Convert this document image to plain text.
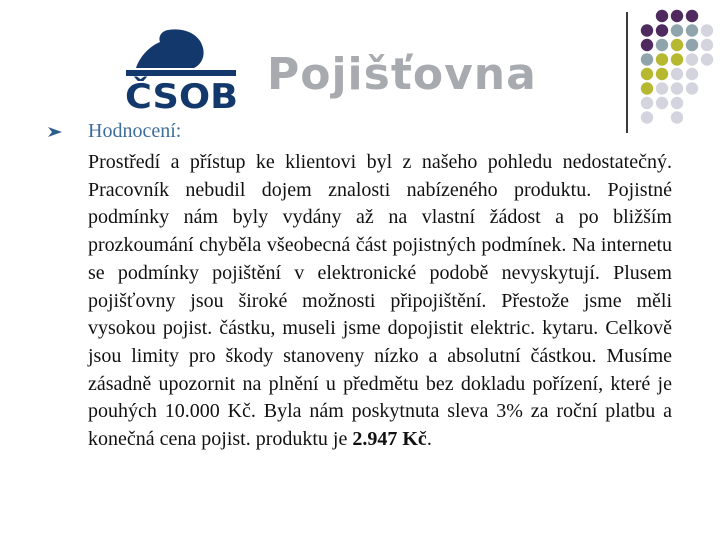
ČSOB Pojišťovna
Hodnocení:

Prostředí a přístup ke klientovi byl z našeho pohledu nedostatečný. Pracovník nebudil dojem znalosti nabízeného produktu. Pojistné podmínky nám byly vydány až na vlastní žádost a po bližším prozkoumání chyběla všeobecná část pojistných podmínek. Na internetu se podmínky pojištění v elektronické podobě nevyskytují. Plusem pojišťovny jsou široké možnosti připojištění. Přestože jsme měli vysokou pojist. částku, museli jsme dopojistit elektric. kytaru. Celkově jsou limity pro škody stanoveny nízko a absolutní částkou. Musíme zásadně upozornit na plnění u předmětu bez dokladu pořízení, které je pouhých 10.000 Kč. Byla nám poskytnuta sleva 3% za roční platbu a konečná cena pojist. produktu je 2.947 Kč.
